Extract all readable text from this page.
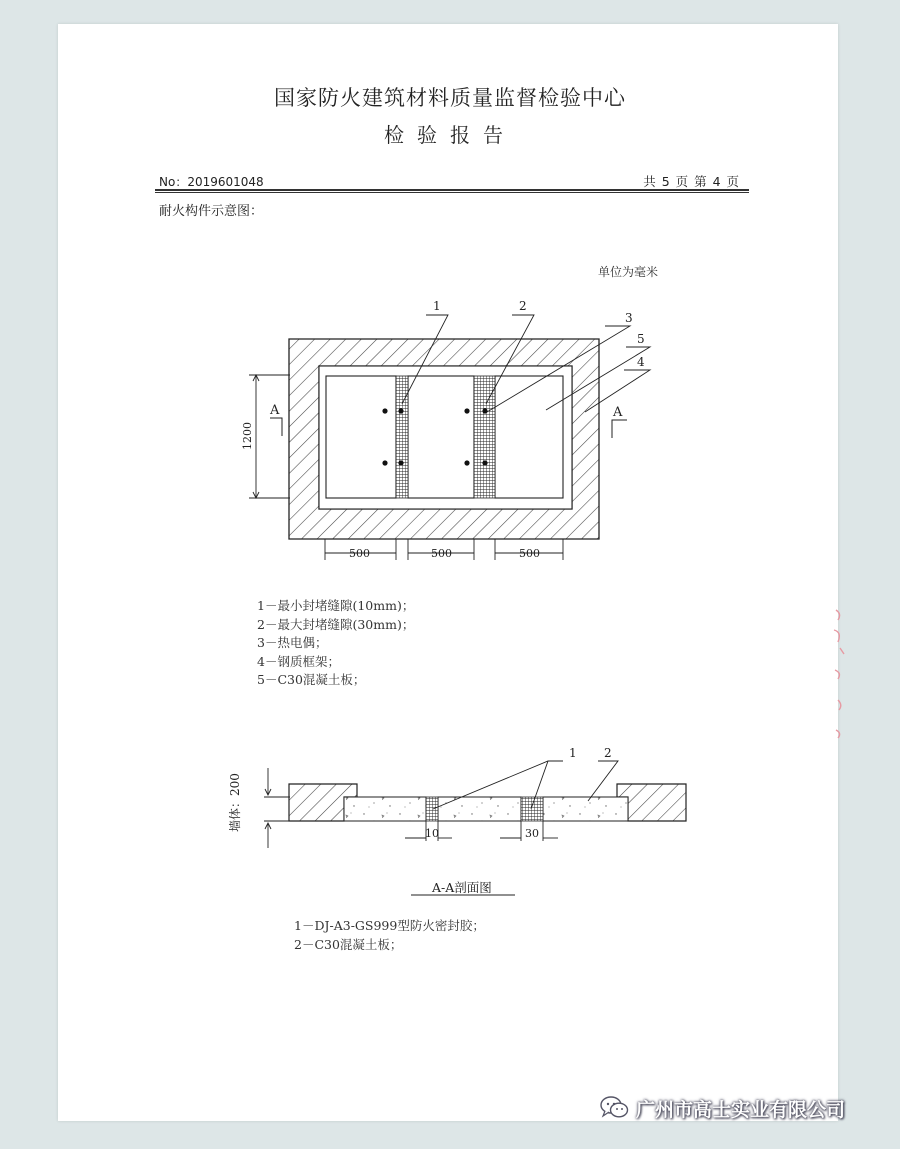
国家防火建筑材料质量监督检验中心
检验报告
No：2019601048	共 5 页 第 4 页
耐火构件示意图：
单位为毫米
1	2
3
5
4
A	A
1200
500	500	500
1 2
墙体：200
10	30
1－最小封堵缝隙(10mm)；
2－最大封堵缝隙(30mm)；
3－热电偶；
4－钢质框架；
5－C30混凝土板；
A-A剖面图
1－DJ-A3-GS999型防火密封胶；
2－C30混凝土板；
广州市高士实业有限公司
